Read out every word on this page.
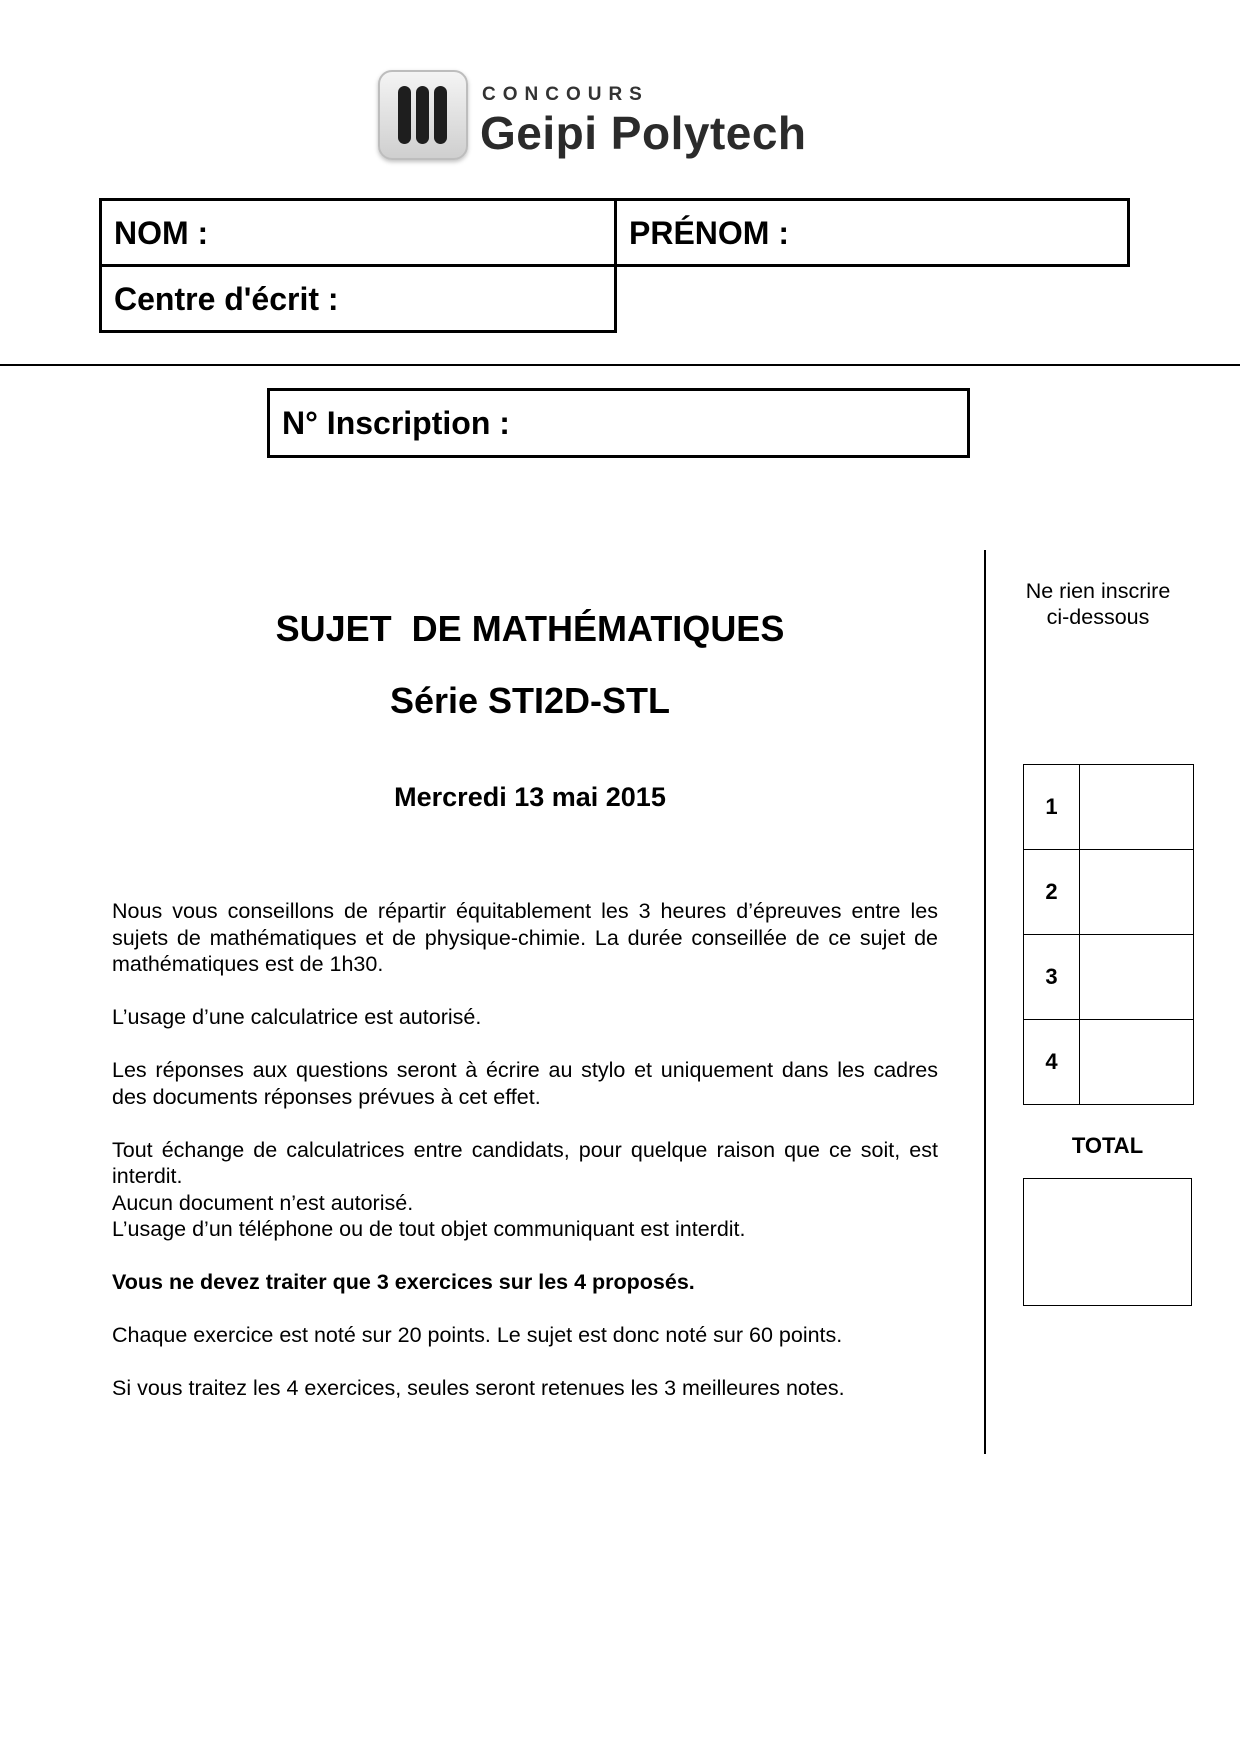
CONCOURS
Geipi Polytech
NOM :	PRÉNOM :
Centre d'écrit :
N° Inscription :
SUJET  DE MATHÉMATIQUES
Série STI2D-STL
Mercredi 13 mai 2015

Nous vous conseillons de répartir équitablement les 3 heures d’épreuves entre les sujets de mathématiques et de physique-chimie. La durée conseillée de ce sujet de mathématiques est de 1h30.

L’usage d’une calculatrice est autorisé.

Les réponses aux questions seront à écrire au stylo et uniquement dans les cadres des documents réponses prévues à cet effet.

Tout échange de calculatrices entre candidats, pour quelque raison que ce soit, est interdit.

Aucun document n’est autorisé.

L’usage d’un téléphone ou de tout objet communiquant est interdit.

Vous ne devez traiter que 3 exercices sur les 4 proposés.

Chaque exercice est noté sur 20 points. Le sujet est donc noté sur 60 points.

Si vous traitez les 4 exercices, seules seront retenues les 3 meilleures notes.

Ne rien inscrire
ci-dessous
1
2
3
4
TOTAL
